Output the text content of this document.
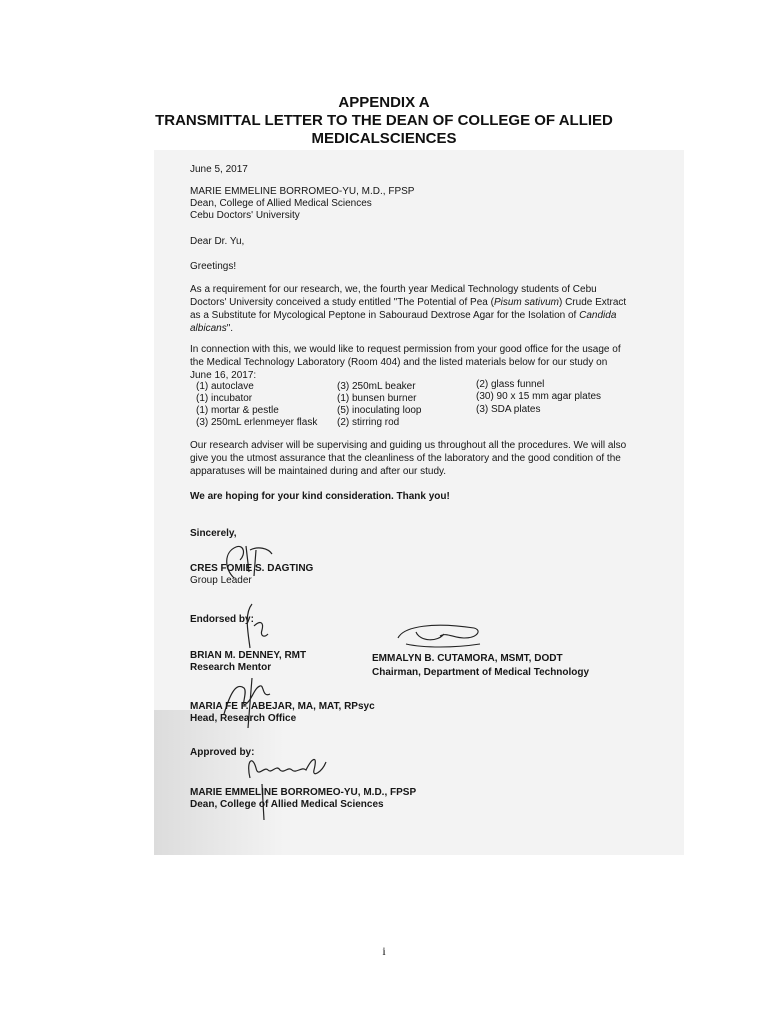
APPENDIX A
TRANSMITTAL LETTER TO THE DEAN OF COLLEGE OF ALLIED
MEDICALSCIENCES
June 5, 2017
MARIE EMMELINE BORROMEO-YU, M.D., FPSP
Dean, College of Allied Medical Sciences
Cebu Doctors' University
Dear Dr. Yu,
Greetings!
As a requirement for our research, we, the fourth year Medical Technology students of Cebu Doctors' University conceived a study entitled "The Potential of Pea (Pisum sativum) Crude Extract as a Substitute for Mycological Peptone in Sabouraud Dextrose Agar for the Isolation of Candida albicans".
In connection with this, we would like to request permission from your good office for the usage of the Medical Technology Laboratory (Room 404) and the listed materials below for our study on June 16, 2017:
(1) autoclave
(1) incubator
(1) mortar & pestle
(3) 250mL erlenmeyer flask
(3) 250mL beaker
(1) bunsen burner
(5) inoculating loop
(2) stirring rod
(2) glass funnel
(30) 90 x 15 mm agar plates
(3) SDA plates
Our research adviser will be supervising and guiding us throughout all the procedures. We will also give you the utmost assurance that the cleanliness of the laboratory and the good condition of the apparatuses will be maintained during and after our study.
We are hoping for your kind consideration. Thank you!
Sincerely,
CRES FOMIE S. DAGTING
Group Leader
Endorsed by:
BRIAN M. DENNEY, RMT
Research Mentor
EMMALYN B. CUTAMORA, MSMT, DODT
Chairman, Department of Medical Technology
MARIA FE F. ABEJAR, MA, MAT, RPsyc
Head, Research Office
Approved by:
MARIE EMMELINE BORROMEO-YU, M.D., FPSP
Dean, College of Allied Medical Sciences
i
